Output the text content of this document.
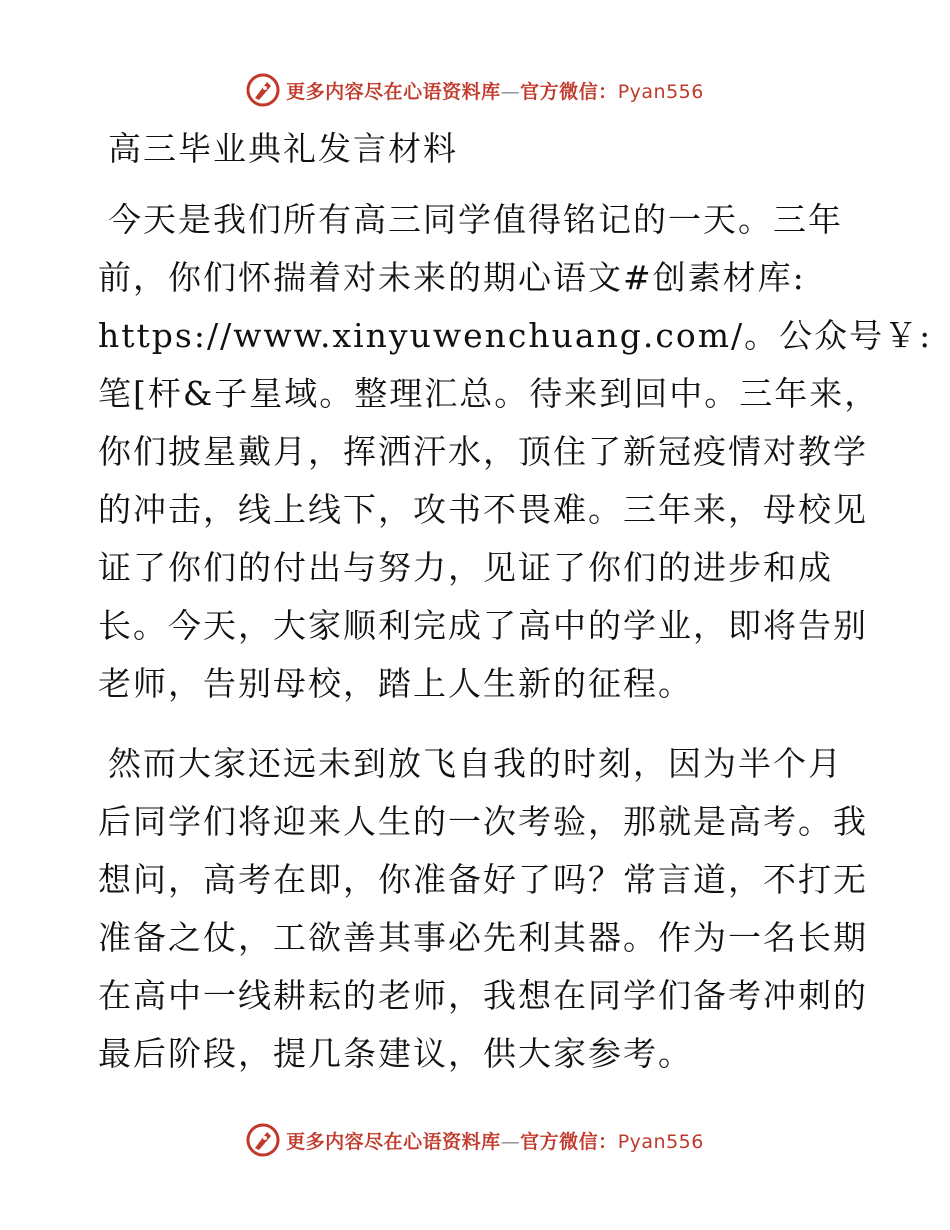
更多内容尽在心语资料库—官方微信：Pyan556
高三毕业典礼发言材料
今天是我们所有高三同学值得铭记的一天。三年
前，你们怀揣着对未来的期心语文#创素材库:
https://www.xinyuwenchuang.com/。公众号￥:
笔[杆&子星域。整理汇总。待来到回中。三年来，
你们披星戴月，挥洒汗水，顶住了新冠疫情对教学
的冲击，线上线下，攻书不畏难。三年来，母校见
证了你们的付出与努力，见证了你们的进步和成
长。今天，大家顺利完成了高中的学业，即将告别
老师，告别母校，踏上人生新的征程。
然而大家还远未到放飞自我的时刻，因为半个月
后同学们将迎来人生的一次考验，那就是高考。我
想问，高考在即，你准备好了吗？常言道，不打无
准备之仗，工欲善其事必先利其器。作为一名长期
在高中一线耕耘的老师，我想在同学们备考冲刺的
最后阶段，提几条建议，供大家参考。
更多内容尽在心语资料库—官方微信：Pyan556
